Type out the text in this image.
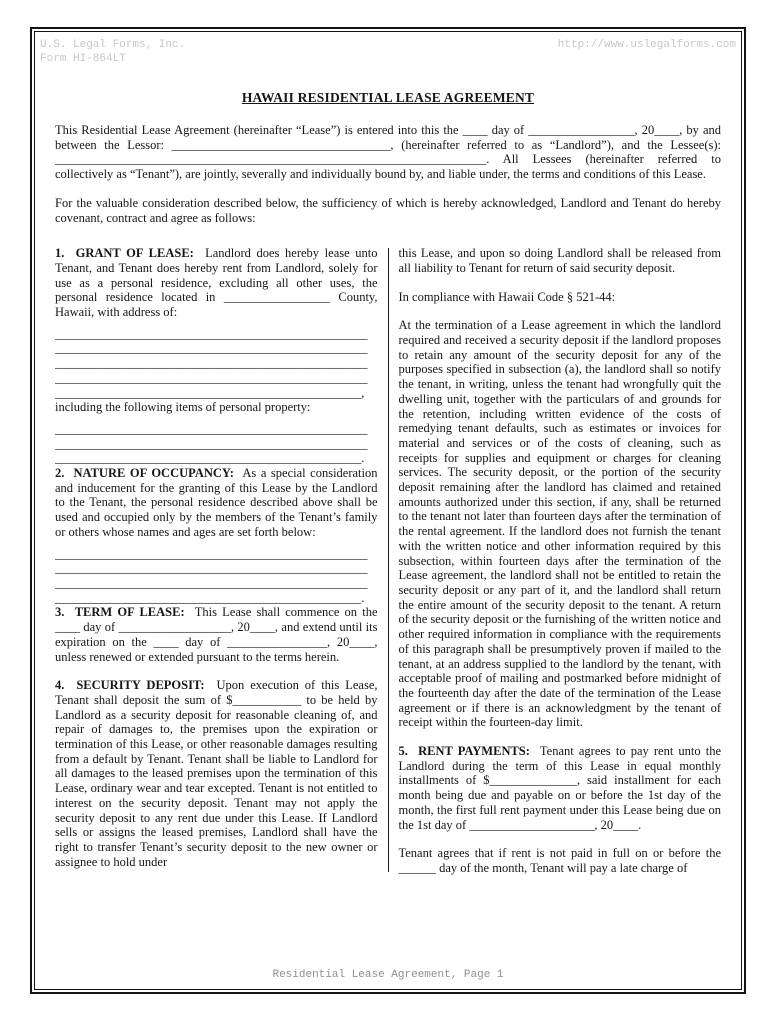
U.S. Legal Forms, Inc.
Form HI-864LT
http://www.uslegalforms.com
HAWAII RESIDENTIAL LEASE AGREEMENT

This Residential Lease Agreement (hereinafter “Lease”) is entered into this the ____ day of _________________, 20____, by and between the Lessor: ___________________________________, (hereinafter referred to as “Landlord”), and the Lessee(s): _____________________________________________________________________. All Lessees (hereinafter referred to collectively as “Tenant”), are jointly, severally and individually bound by, and liable under, the terms and conditions of this Lease.

For the valuable consideration described below, the sufficiency of which is hereby acknowledged, Landlord and Tenant do hereby covenant, contract and agree as follows:

1.  GRANT OF LEASE:  Landlord does hereby lease unto Tenant, and Tenant does hereby rent from Landlord, solely for use as a personal residence, excluding all other uses, the personal residence located in _________________ County, Hawaii, with address of:
__________________________________________________
__________________________________________________
__________________________________________________
__________________________________________________
_________________________________________________,
including the following items of personal property:
__________________________________________________
__________________________________________________
_________________________________________________.
2.  NATURE OF OCCUPANCY:  As a special consideration and inducement for the granting of this Lease by the Landlord to the Tenant, the personal residence described above shall be used and occupied only by the members of the Tenant’s family or others whose names and ages are set forth below:
__________________________________________________
__________________________________________________
__________________________________________________
_________________________________________________.
3.  TERM OF LEASE:  This Lease shall commence on the ____ day of __________________, 20____, and extend until its expiration on the ____ day of ________________, 20____, unless renewed or extended pursuant to the terms herein.
4.  SECURITY DEPOSIT:  Upon execution of this Lease, Tenant shall deposit the sum of $___________ to be held by Landlord as a security deposit for reasonable cleaning of, and repair of damages to, the premises upon the expiration or termination of this Lease, or other reasonable damages resulting from a default by Tenant. Tenant shall be liable to Landlord for all damages to the leased premises upon the termination of this Lease, ordinary wear and tear excepted. Tenant is not entitled to interest on the security deposit. Tenant may not apply the security deposit to any rent due under this Lease. If Landlord sells or assigns the leased premises, Landlord shall have the right to transfer Tenant’s security deposit to the new owner or assignee to hold under
this Lease, and upon so doing Landlord shall be released from all liability to Tenant for return of said security deposit.
In compliance with Hawaii Code § 521-44:
At the termination of a Lease agreement in which the landlord required and received a security deposit if the landlord proposes to retain any amount of the security deposit for any of the purposes specified in subsection (a), the landlord shall so notify the tenant, in writing, unless the tenant had wrongfully quit the dwelling unit, together with the particulars of and grounds for the retention, including written evidence of the costs of remedying tenant defaults, such as estimates or invoices for material and services or of the costs of cleaning, such as receipts for supplies and equipment or charges for cleaning services. The security deposit, or the portion of the security deposit remaining after the landlord has claimed and retained amounts authorized under this section, if any, shall be returned to the tenant not later than fourteen days after the termination of the rental agreement. If the landlord does not furnish the tenant with the written notice and other information required by this subsection, within fourteen days after the termination of the Lease agreement, the landlord shall not be entitled to retain the security deposit or any part of it, and the landlord shall return the entire amount of the security deposit to the tenant. A return of the security deposit or the furnishing of the written notice and other required information in compliance with the requirements of this paragraph shall be presumptively proven if mailed to the tenant, at an address supplied to the landlord by the tenant, with acceptable proof of mailing and postmarked before midnight of the fourteenth day after the date of the termination of the Lease agreement or if there is an acknowledgment by the tenant of receipt within the fourteen-day limit.
5.  RENT PAYMENTS:  Tenant agrees to pay rent unto the Landlord during the term of this Lease in equal monthly installments of $______________, said installment for each month being due and payable on or before the 1st day of the month, the first full rent payment under this Lease being due on the 1st day of ____________________, 20____.
Tenant agrees that if rent is not paid in full on or before the ______ day of the month, Tenant will pay a late charge of
Residential Lease Agreement, Page 1
